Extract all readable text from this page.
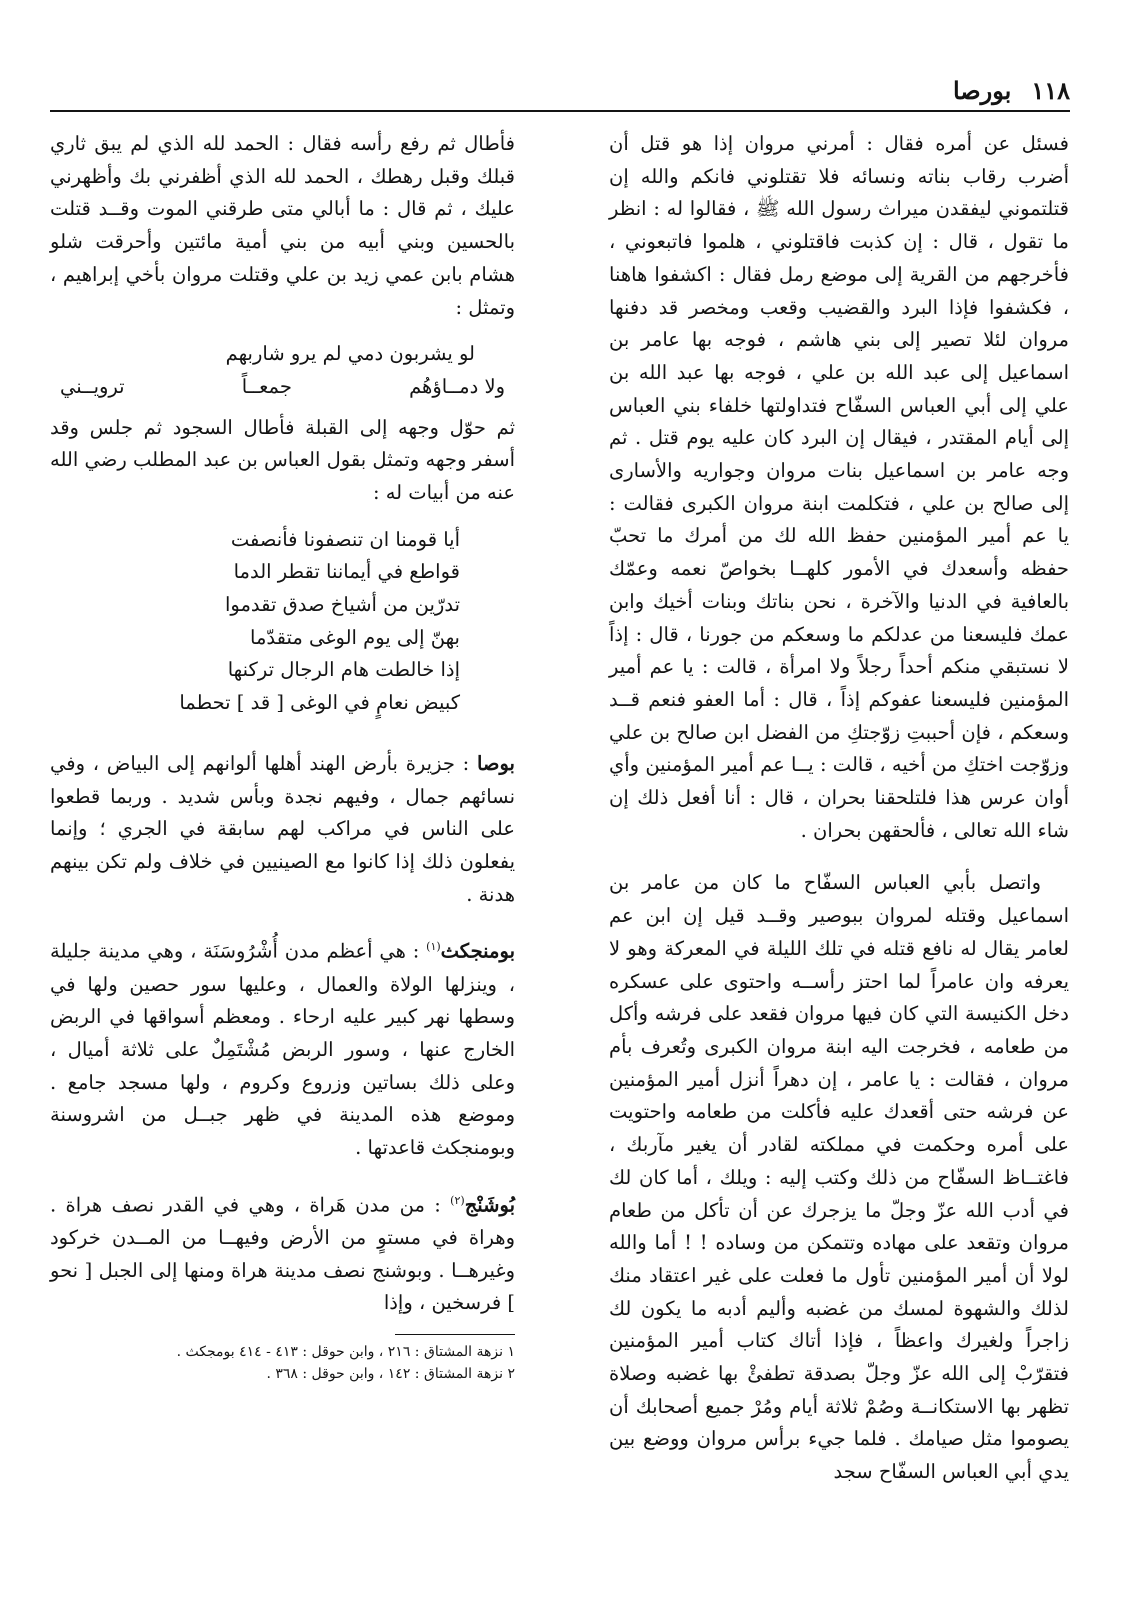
١١٨
بورصا

فسئل عن أمره فقال : أمرني مروان إذا هو قتل أن أضرب رقاب بناته ونسائه فلا تقتلوني فانكم والله إن قتلتموني ليفقدن ميراث رسول الله ﷺ ، فقالوا له : انظر ما تقول ، قال : إن كذبت فاقتلوني ، هلموا فاتبعوني ، فأخرجهم من القرية إلى موضع رمل فقال : اكشفوا هاهنا ، فكشفوا فإذا البرد والقضيب وقعب ومخصر قد دفنها مروان لئلا تصير إلى بني هاشم ، فوجه بها عامر بن اسماعيل إلى عبد الله بن علي ، فوجه بها عبد الله بن علي إلى أبي العباس السفّاح فتداولتها خلفاء بني العباس إلى أيام المقتدر ، فيقال إن البرد كان عليه يوم قتل . ثم وجه عامر بن اسماعيل بنات مروان وجواريه والأسارى إلى صالح بن علي ، فتكلمت ابنة مروان الكبرى فقالت : يا عم أمير المؤمنين حفظ الله لك من أمرك ما تحبّ حفظه وأسعدك في الأمور كلهــا بخواصّ نعمه وعمّك بالعافية في الدنيا والآخرة ، نحن بناتك وبنات أخيك وابن عمك فليسعنا من عدلكم ما وسعكم من جورنا ، قال : إذاً لا نستبقي منكم أحداً رجلاً ولا امرأة ، قالت : يا عم أمير المؤمنين فليسعنا عفوكم إذاً ، قال : أما العفو فنعم قــد وسعكم ، فإن أحببتِ زوّجتكِ من الفضل ابن صالح بن علي وزوّجت اختكِ من أخيه ، قالت : يــا عم أمير المؤمنين وأي أوان عرس هذا فلتلحقنا بحران ، قال : أنا أفعل ذلك إن شاء الله تعالى ، فألحقهن بحران .

واتصل بأبي العباس السفّاح ما كان من عامر بن اسماعيل وقتله لمروان ببوصير وقــد قيل إن ابن عم لعامر يقال له نافع قتله في تلك الليلة في المعركة وهو لا يعرفه وان عامراً لما احتز رأســه واحتوى على عسكره دخل الكنيسة التي كان فيها مروان فقعد على فرشه وأكل من طعامه ، فخرجت اليه ابنة مروان الكبرى وتُعرف بأم مروان ، فقالت : يا عامر ، إن دهراً أنزل أمير المؤمنين عن فرشه حتى أقعدك عليه فأكلت من طعامه واحتويت على أمره وحكمت في مملكته لقادر أن يغير مآربك ، فاغتــاظ السفّاح من ذلك وكتب إليه : ويلك ، أما كان لك في أدب الله عزّ وجلّ ما يزجرك عن أن تأكل من طعام مروان وتقعد على مهاده وتتمكن من وساده ! ! أما والله لولا أن أمير المؤمنين تأول ما فعلت على غير اعتقاد منك لذلك والشهوة لمسك من غضبه وأليم أدبه ما يكون لك زاجراً ولغيرك واعظاً ، فإذا أتاك كتاب أمير المؤمنين فتقرّبْ إلى الله عزّ وجلّ بصدقة تطفئْ بها غضبه وصلاة تظهر بها الاستكانــة وصُمْ ثلاثة أيام ومُرْ جميع أصحابك أن يصوموا مثل صيامك . فلما جيء برأس مروان ووضع بين يدي أبي العباس السفّاح سجد

فأطال ثم رفع رأسه فقال : الحمد لله الذي لم يبق ثاري قبلك وقبل رهطك ، الحمد لله الذي أظفرني بك وأظهرني عليك ، ثم قال : ما أبالي متى طرقني الموت وقــد قتلت بالحسين وبني أبيه من بني أمية مائتين وأحرقت شلو هشام بابن عمي زيد بن علي وقتلت مروان بأخي إبراهيم ، وتمثل :

لو يشربون دمي لم يرو شاربهم
ولا دمــاؤهُم
جمعــاً
ترويــني

ثم حوّل وجهه إلى القبلة فأطال السجود ثم جلس وقد أسفر وجهه وتمثل بقول العباس بن عبد المطلب رضي الله عنه من أبيات له :

أيا قومنا ان تنصفونا فأنصفت
قواطع في أيماننا تقطر الدما
تدرّين من أشياخ صدق تقدموا
بهنّ إلى يوم الوغى متقدّما
إذا خالطت هام الرجال تركنها
كبيض نعامٍ في الوغى [ قد ] تحطما

بوصا : جزيرة بأرض الهند أهلها ألوانهم إلى البياض ، وفي نسائهم جمال ، وفيهم نجدة وبأس شديد . وربما قطعوا على الناس في مراكب لهم سابقة في الجري ؛ وإنما يفعلون ذلك إذا كانوا مع الصينيين في خلاف ولم تكن بينهم هدنة .

بومنجكث$^{(١)}$ : هي أعظم مدن أُشْرُوسَنَة ، وهي مدينة جليلة ، وينزلها الولاة والعمال ، وعليها سور حصين ولها في وسطها نهر كبير عليه ارحاء . ومعظم أسواقها في الربض الخارج عنها ، وسور الربض مُشْتَمِلٌ على ثلاثة أميال ، وعلى ذلك بساتين وزروع وكروم ، ولها مسجد جامع . وموضع هذه المدينة في ظهر جبــل من اشروسنة وبومنجكث قاعدتها .

بُوشَنْج$^{(٢)}$ : من مدن هَراة ، وهي في القدر نصف هراة . وهراة في مستوٍ من الأرض وفيهــا من المــدن خركود وغيرهــا . وبوشنج نصف مدينة هراة ومنها إلى الجبل [ نحو ] فرسخين ، وإذا

١ نزهة المشتاق : ٢١٦ ، وابن حوقل : ٤١٣ - ٤١٤ بومجكث .

٢ نزهة المشتاق : ١٤٢ ، وابن حوقل : ٣٦٨ .
